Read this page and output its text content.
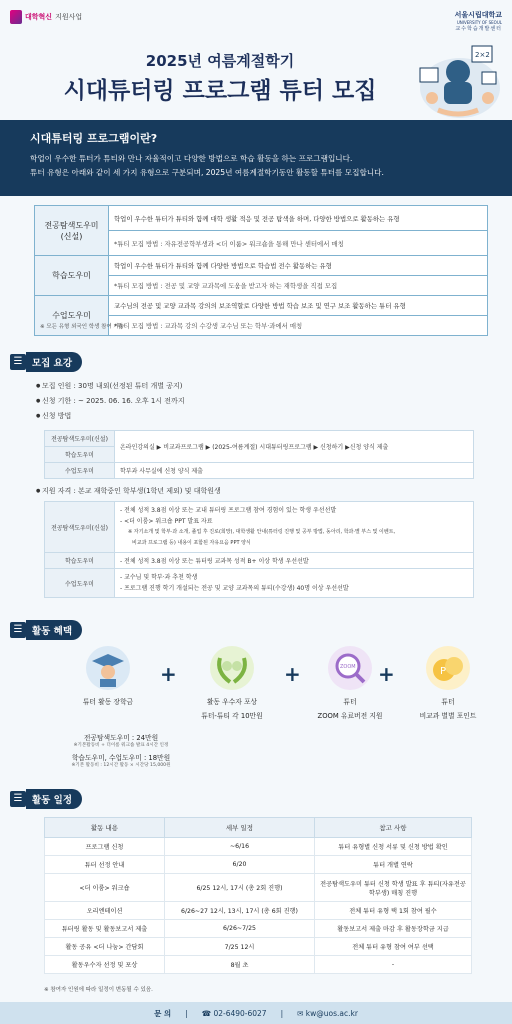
대학혁신 지원사업	서울시립대학교
UNIVERSITY OF SEOUL
교수학습개발센터
2025년 여름계절학기
시대튜터링 프로그램 튜터 모집
2×2
시대튜터링 프로그램이란?
학업이 우수한 튜터가 튜티와 만나 자율적이고 다양한 방법으로 학습 활동을 하는 프로그램입니다.
튜터 유형은 아래와 같이 세 가지 유형으로 구분되며, 2025년 여름계절학기동안 활동할 튜터를 모집합니다.
전공탐색도우미
(신설)	학업이 우수한 튜터가 튜티와 함께 대학 생활 적응 및 전공 탐색을 하며, 다양한 방법으로 활동하는 유형
	*튜티 모집 방법 : 자유전공학부생과 <더 이룸> 워크숍을 통해 만나 센터에서 매칭
학습도우미	학업이 우수한 튜터가 튜티와 함께 다양한 방법으로 학습법 전수 활동하는 유형
	*튜티 모집 방법 : 전공 및 교양 교과목에 도움을 받고자 하는 재학생을 직접 모집
수업도우미	교수님의 전공 및 교양 교과목 강의의 보조역할로 다양한 방법 학습 보조 및 연구 보조 활동하는 튜터 유형
	*튜티 모집 방법 : 교과목 강의 수강생 교수님 또는 학부·과에서 매칭
※ 모든 유형 외국인 학생 참여 가능
☰	모집 요강
● 모집 인원 : 30명 내외(선정된 튜터 개별 공지)
● 신청 기한 : ~ 2025. 06. 16. 오후 1시 전까지
● 신청 방법
전공탐색도우미(신설)	온라인강의실 ▶ 비교과프로그램 ▶ (2025-여름계절) 시대튜터링프로그램 ▶ 신청하기 ▶신청 양식 제출
학습도우미	
수업도우미	학부과 사무실에 신청 양식 제출
● 지원 자격 : 본교 재학중인 학부생(1학년 제외) 및 대학원생
전공탐색도우미(신설)	- 전체 성적 3.8점 이상 또는 교내 튜터링 프로그램 참여 경험이 있는 학생 우선선발
- <더 이룸> 워크숍 PPT 발표 자료
※ 자기소개 및 학부·과 소개, 졸업 후 진로(희망), 대학생활 안내(튜터링 진행 및 공부 방법, 동아리, 학과·별 부스 및 이벤트,
비교과 프로그램 등) 내용이 포함된 자유요음 PPT 양식

학습도우미	- 전체 성적 3.8점 이상 또는 튜터링 교과목 성적 B+ 이상 학생 우선선발
수업도우미	- 교수님 및 학부·과 추천 학생
- 프로그램 진행 학기 개설되는 전공 및 교양 교과목의 튜티(수강생) 40명 이상 우선선발
☰	활동 혜택
튜터 활동 장학금
+
활동 우수자 포상
튜터-튜티 각 10만원
+	ZOOM
튜터
ZOOM 유료버전 지원
+	P
튜터
비교과 별별 포인트
전공탐색도우미 : 24만원
※기본활동비 + 더이룸 워크숍 발표 4시간 인정
학습도우미, 수업도우미 : 18만원
※기본 활동비 : 12시간 활동 × 시간당 15,000원
☰	활동 일정
활동 내용	세부 일정	참고 사항
프로그램 신청	~6/16	튜터 유형별 신청 서류 및 신청 방법 확인
튜터 선정 안내	6/20	튜터 개별 연락
<더 이룸> 워크숍	6/25 12시, 17시 (총 2회 진행)	전공탐색도우미 튜터 신청 학생 발표 후 튜티(자유전공학부생) 매칭 진행
오리엔테이션	6/26~27 12시, 13시, 17시 (총 6회 진행)	전체 튜터 유형 택 1회 참여 필수
튜터링 활동 및 활동보고서 제출	6/26~7/25	활동보고서 제출 마감 후 활동장학금 지급
활동 공유 <더 나눔> 간담회	7/25 12시	전체 튜터 유형 참여 여부 선택
활동우수자 선정 및 포상	8월 초	-
※ 참여자 인원에 따라 일정이 변동될 수 있음.
문 의 | ☎ 02-6490-6027 | ✉ kw@uos.ac.kr
